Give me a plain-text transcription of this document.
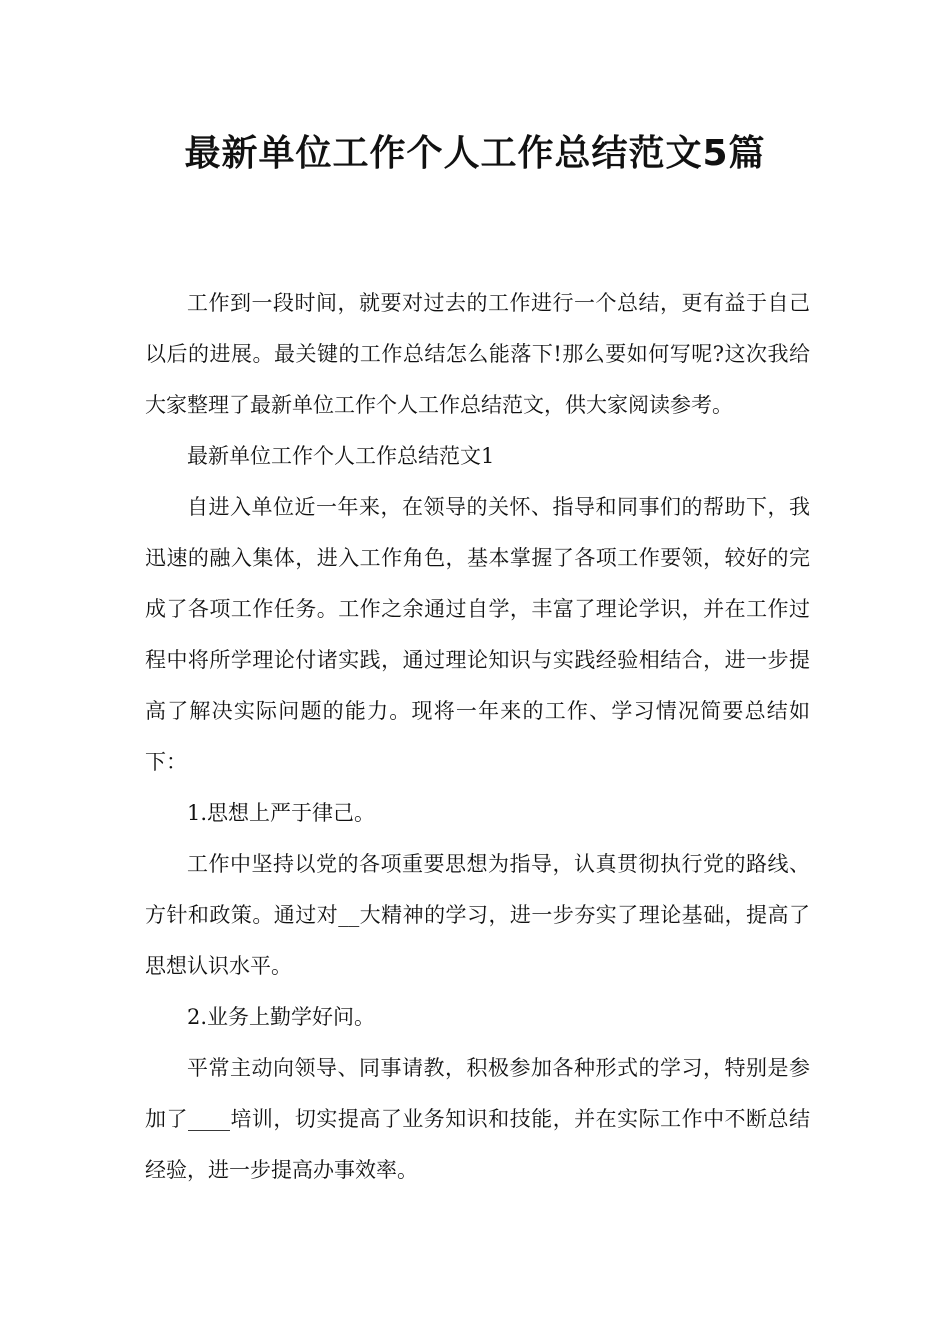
最新单位工作个人工作总结范文5篇

工作到一段时间，就要对过去的工作进行一个总结，更有益于自己以后的进展。最关键的工作总结怎么能落下!那么要如何写呢?这次我给大家整理了最新单位工作个人工作总结范文，供大家阅读参考。

最新单位工作个人工作总结范文1

自进入单位近一年来，在领导的关怀、指导和同事们的帮助下，我迅速的融入集体，进入工作角色，基本掌握了各项工作要领，较好的完成了各项工作任务。工作之余通过自学，丰富了理论学识，并在工作过程中将所学理论付诸实践，通过理论知识与实践经验相结合，进一步提高了解决实际问题的能力。现将一年来的工作、学习情况简要总结如下：

1.思想上严于律己。

工作中坚持以党的各项重要思想为指导，认真贯彻执行党的路线、方针和政策。通过对__大精神的学习，进一步夯实了理论基础，提高了思想认识水平。

2.业务上勤学好问。

平常主动向领导、同事请教，积极参加各种形式的学习，特别是参加了____培训，切实提高了业务知识和技能，并在实际工作中不断总结经验，进一步提高办事效率。
